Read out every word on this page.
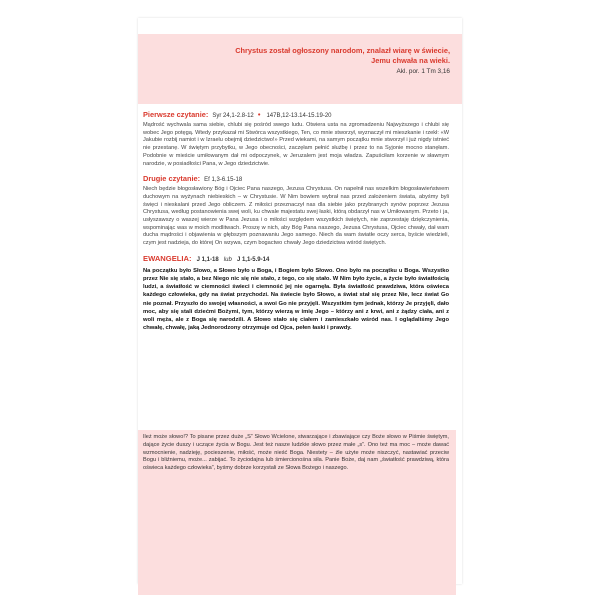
Chrystus został ogłoszony narodom, znalazł wiarę w świecie,
Jemu chwała na wieki.
Akl. por. 1 Tm 3,16
Pierwsze czytanie: Syr 24,1-2.8-12 • 147B,12-13.14-15.19-20

Mądrość wychwala sama siebie, chlubi się pośród swego ludu. Otwiera usta na zgromadzeniu Najwyższego i chlubi się wobec Jego potęgą. Wtedy przykazał mi Stwórca wszystkiego, Ten, co mnie stworzył, wyznaczył mi mieszkanie i rzekł: «W Jakubie rozbij namiot i w Izraelu obejmij dziedzictwo!» Przed wiekami, na samym początku mnie stworzył i już nigdy istnieć nie przestanę. W świętym przybytku, w Jego obecności, zaczęłam pełnić służbę i przez to na Syjonie mocno stanęłam. Podobnie w mieście umiłowanym dał mi odpoczynek, w Jeruzalem jest moja władza. Zapuściłam korzenie w sławnym narodzie, w posiadłości Pana, w Jego dziedzictwie.

Drugie czytanie: Ef 1,3-6.15-18

Niech będzie błogosławiony Bóg i Ojciec Pana naszego, Jezusa Chrystusa. On napełnił nas wszelkim błogosławieństwem duchowym na wyżynach niebieskich – w Chrystusie. W Nim bowiem wybrał nas przed założeniem świata, abyśmy byli święci i nieskalani przed Jego obliczem. Z miłości przeznaczył nas dla siebie jako przybranych synów poprzez Jezusa Chrystusa, według postanowienia swej woli, ku chwale majestatu swej łaski, którą obdarzył nas w Umiłowanym. Przeto i ja, usłyszawszy o waszej wierze w Pana Jezusa i o miłości względem wszystkich świętych, nie zaprzestaję dziękczynienia, wspominając was w moich modlitwach. Proszę w nich, aby Bóg Pana naszego, Jezusa Chrystusa, Ojciec chwały, dał wam ducha mądrości i objawienia w głębszym poznawaniu Jego samego. Niech da wam światłe oczy serca, byście wiedzieli, czym jest nadzieja, do której On wzywa, czym bogactwo chwały Jego dziedzictwa wśród świętych.

EWANGELIA: J 1,1-18 lub J 1,1-5.9-14

Na początku było Słowo, a Słowo było u Boga, i Bogiem było Słowo. Ono było na początku u Boga. Wszystko przez Nie się stało, a bez Niego nic się nie stało, z tego, co się stało. W Nim było życie, a życie było światłością ludzi, a światłość w ciemności świeci i ciemność jej nie ogarnęła. Była światłość prawdziwa, która oświeca każdego człowieka, gdy na świat przychodzi. Na świecie było Słowo, a świat stał się przez Nie, lecz świat Go nie poznał. Przyszło do swojej własności, a swoi Go nie przyjęli. Wszystkim tym jednak, którzy Je przyjęli, dało moc, aby się stali dziećmi Bożymi, tym, którzy wierzą w imię Jego – którzy ani z krwi, ani z żądzy ciała, ani z woli męża, ale z Boga się narodzili. A Słowo stało się ciałem i zamieszkało wśród nas. I oglądaliśmy Jego chwałę, chwałę, jaką Jednorodzony otrzymuje od Ojca, pełen łaski i prawdy.

Ileż może słowo!? To pisane przez duże „S” Słowo Wcielone, stwarzające i zbawiające czy Boże słowo w Piśmie świętym, dające życie duszy i uczące życia w Bogu. Jest też nasze ludzkie słowo przez małe „s”. Ono też ma moc – może dawać wzmocnienie, nadzieję, pocieszenie, miłość, może nieść Boga. Niestety – źle użyte może niszczyć, nastawiać przeciw Bogu i bliźniemu, może... zabijać. To życiodajna lub śmiercionośna siła. Panie Boże, daj nam „światłość prawdziwą, która oświeca każdego człowieka”, byśmy dobrze korzystali ze Słowa Bożego i naszego.
